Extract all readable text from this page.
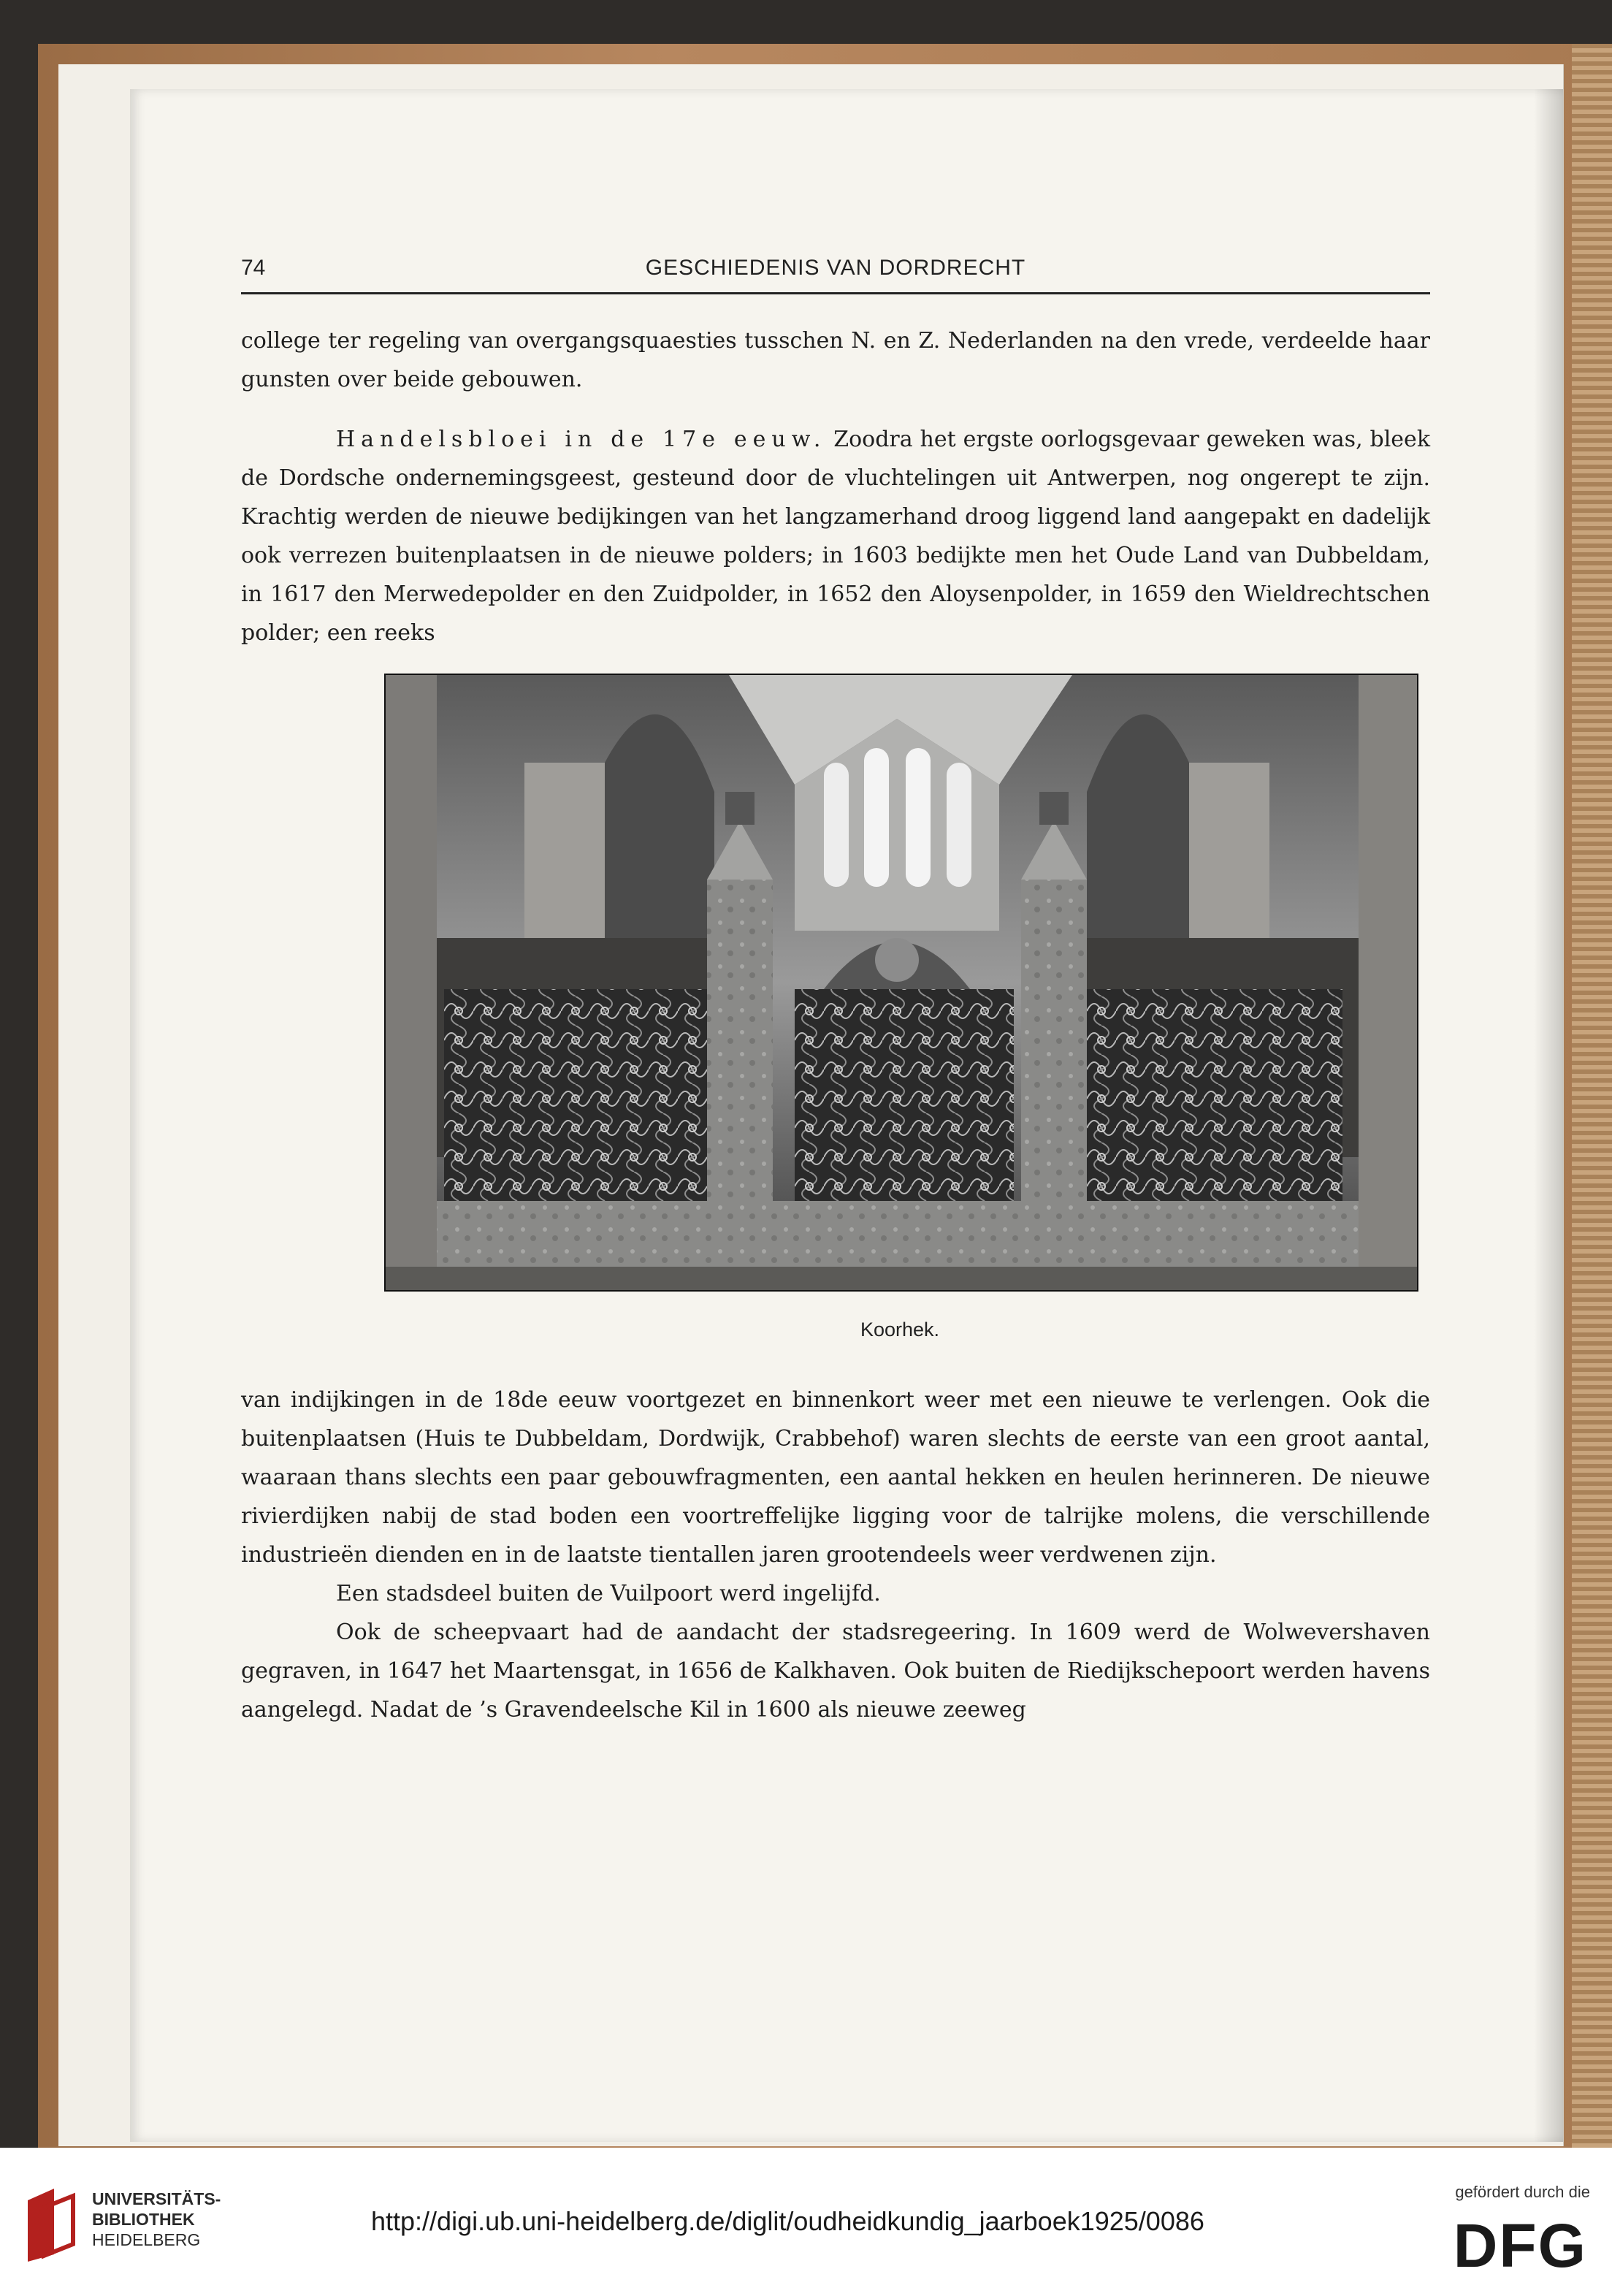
74	GESCHIEDENIS VAN DORDRECHT

college ter regeling van overgangsquaesties tusschen N. en Z. Nederlanden na den vrede, verdeelde haar gunsten over beide gebouwen.

Handelsbloei in de 17e eeuw. Zoodra het ergste oorlogsgevaar geweken was, bleek de Dordsche ondernemingsgeest, gesteund door de vluchtelingen uit Antwerpen, nog ongerept te zijn. Krachtig werden de nieuwe bedijkingen van het langzamerhand droog liggend land aangepakt en dadelijk ook verrezen buitenplaatsen in de nieuwe polders; in 1603 bedijkte men het Oude Land van Dubbeldam, in 1617 den Merwedepolder en den Zuidpolder, in 1652 den Aloysenpolder, in 1659 den Wieldrechtschen polder; een reeks

Koorhek.

van indijkingen in de 18de eeuw voortgezet en binnenkort weer met een nieuwe te verlengen. Ook die buitenplaatsen (Huis te Dubbeldam, Dordwijk, Crabbehof) waren slechts de eerste van een groot aantal, waaraan thans slechts een paar gebouwfragmenten, een aantal hekken en heulen herinneren. De nieuwe rivierdijken nabij de stad boden een voortreffelijke ligging voor de talrijke molens, die verschillende industrieën dienden en in de laatste tientallen jaren grootendeels weer verdwenen zijn.

Een stadsdeel buiten de Vuilpoort werd ingelijfd.

Ook de scheepvaart had de aandacht der stadsregeering. In 1609 werd de Wolwevershaven gegraven, in 1647 het Maartensgat, in 1656 de Kalkhaven. Ook buiten de Riedijkschepoort werden havens aangelegd. Nadat de ’s Gravendeelsche Kil in 1600 als nieuwe zeeweg

UNIVERSITÄTS-
BIBLIOTHEK
HEIDELBERG
http://digi.ub.uni-heidelberg.de/diglit/oudheidkundig_jaarboek1925/0086
gefördert durch die
DFG
